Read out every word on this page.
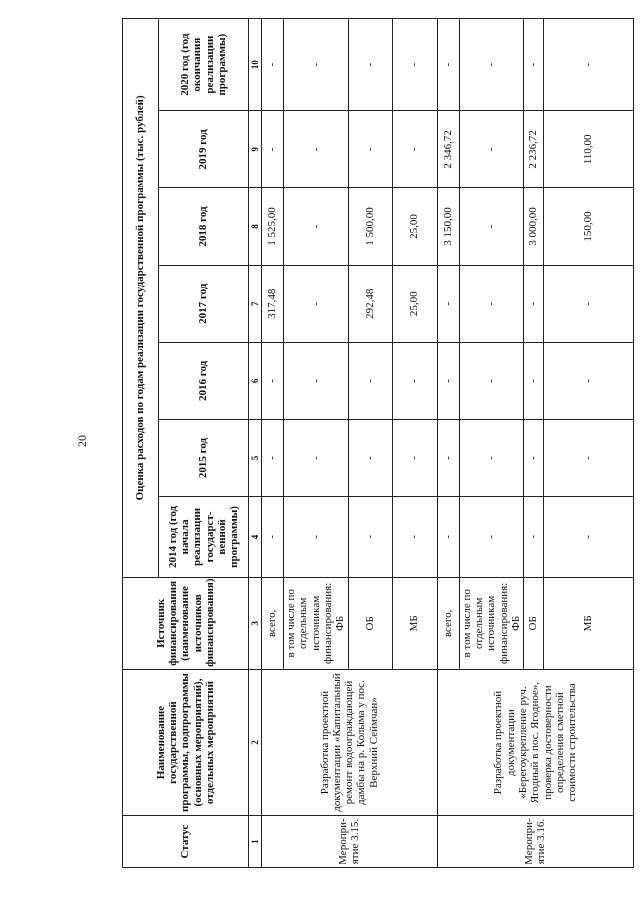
20
Статус	Наименование государственной программы, подпрограммы (основных мероприятий), отдельных мероприятий	Источник финансирования (наименование источников финансирования)	Оценка расходов по годам реализации государственной программы (тыс. рублей)						
			2014 год (год начала реализации государст-венной программы)	2015 год	2016 год	2017 год	2018 год	2019 год	2020 год (год окончания реализации программы)
1	2	3	4	5	6	7	8	9	10
Меропри-ятие 3.15.	Разработка проектной документации «Капитальный ремонт водоограждающей дамбы на р. Колыма у пос. Верхний Сеймчан»	всего,	-	-	-	317,48	1 525,00	-	-
		в том числе по отдельным источникам финансирования: ФБ	-	-	-	-	-	-	-
		ОБ	-	-	-	292,48	1 500,00	-	-
		МБ	-	-	-	25,00	25,00	-	-
Меропри-ятие 3.16.	Разработка проектной документации «Берегоукрепление руч. Ягодный в пос. Ягодное», проверка достоверности определения сметной стоимости строительства	всего,	-	-	-	-	3 150,00	2 346,72	-
		в том числе по отдельным источникам финансирования: ФБ	-	-	-	-	-	-	-
		ОБ	-	-	-	-	3 000,00	2 236,72	-
		МБ	-	-	-	-	150,00	110,00	-
